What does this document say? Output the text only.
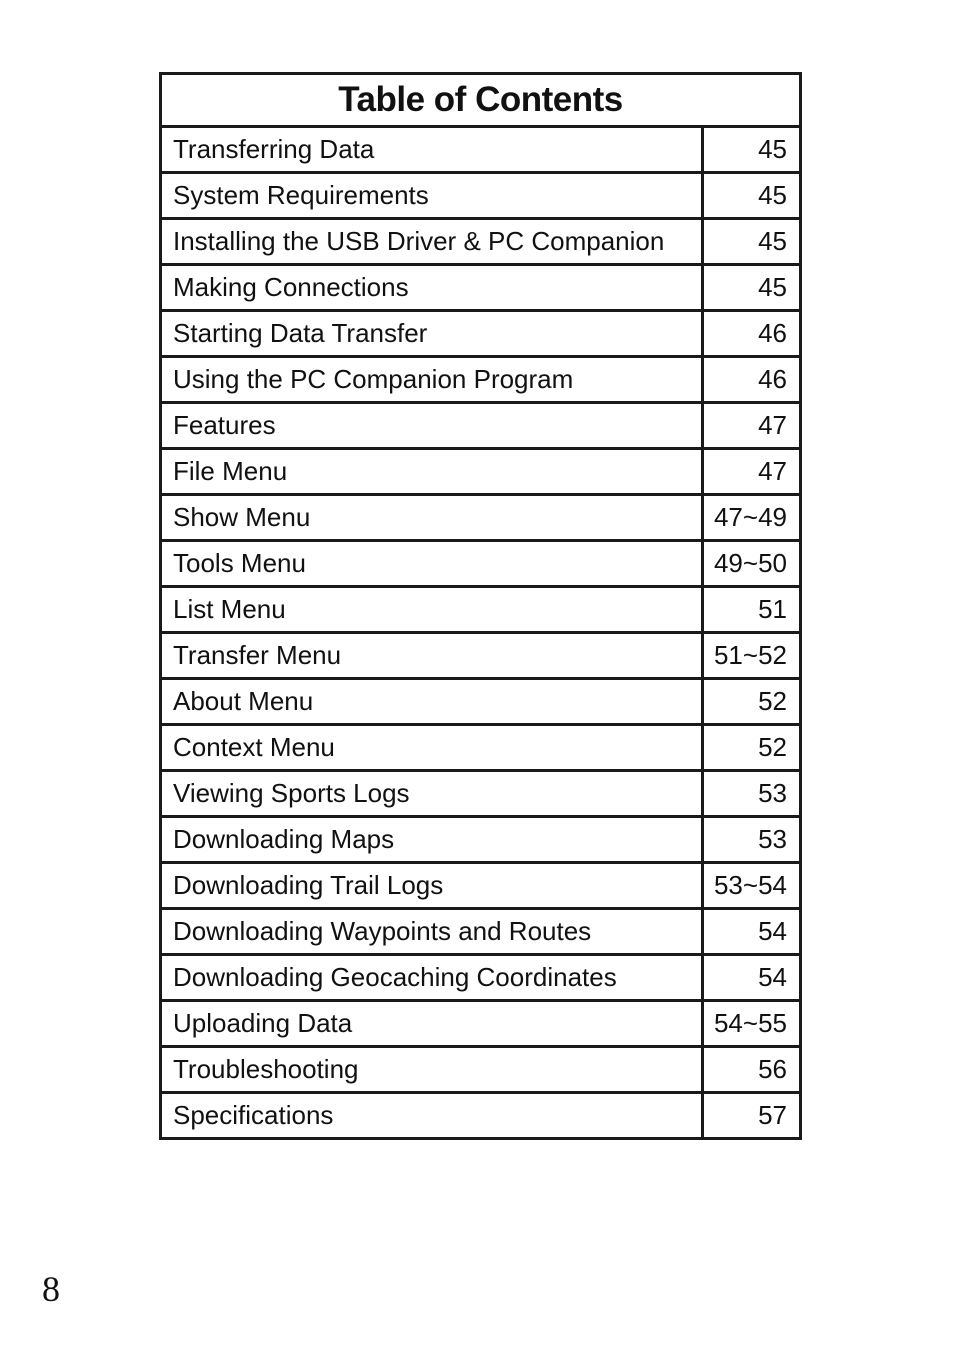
Table of Contents	
Transferring Data	45
System Requirements	45
Installing the USB Driver & PC Companion	45
Making Connections	45
Starting Data Transfer	46
Using the PC Companion Program	46
Features	47
File Menu	47
Show Menu	47~49
Tools Menu	49~50
List Menu	51
Transfer Menu	51~52
About Menu	52
Context Menu	52
Viewing Sports Logs	53
Downloading Maps	53
Downloading Trail Logs	53~54
Downloading Waypoints and Routes	54
Downloading Geocaching Coordinates	54
Uploading Data	54~55
Troubleshooting	56
Specifications	57
8
